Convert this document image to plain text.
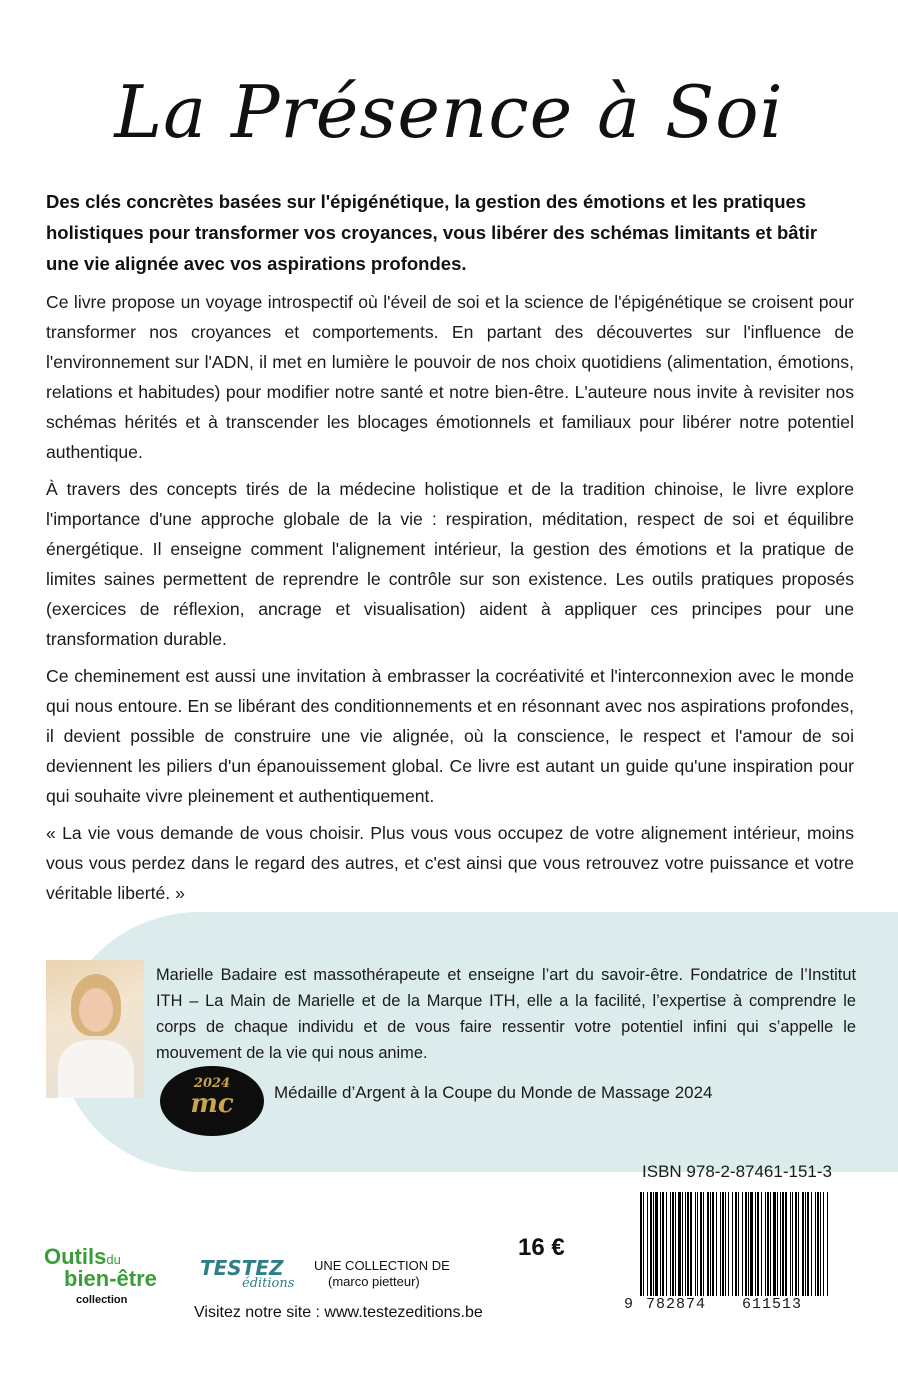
La Présence à Soi
Des clés concrètes basées sur l'épigénétique, la gestion des émotions et les pratiques holistiques pour transformer vos croyances, vous libérer des schémas limitants et bâtir une vie alignée avec vos aspirations profondes.
Ce livre propose un voyage introspectif où l'éveil de soi et la science de l'épigénétique se croisent pour transformer nos croyances et comportements. En partant des découvertes sur l'influence de l'environnement sur l'ADN, il met en lumière le pouvoir de nos choix quotidiens (alimentation, émotions, relations et habitudes) pour modifier notre santé et notre bien-être. L'auteure nous invite à revisiter nos schémas hérités et à transcender les blocages émotionnels et familiaux pour libérer notre potentiel authentique.
À travers des concepts tirés de la médecine holistique et de la tradition chinoise, le livre explore l'importance d'une approche globale de la vie : respiration, méditation, respect de soi et équilibre énergétique. Il enseigne comment l'alignement intérieur, la gestion des émotions et la pratique de limites saines permettent de reprendre le contrôle sur son existence. Les outils pratiques proposés (exercices de réflexion, ancrage et visualisation) aident à appliquer ces principes pour une transformation durable.
Ce cheminement est aussi une invitation à embrasser la cocréativité et l'interconnexion avec le monde qui nous entoure. En se libérant des conditionnements et en résonnant avec nos aspirations profondes, il devient possible de construire une vie alignée, où la conscience, le respect et l'amour de soi deviennent les piliers d'un épanouissement global. Ce livre est autant un guide qu'une inspiration pour qui souhaite vivre pleinement et authentiquement.
« La vie vous demande de vous choisir. Plus vous vous occupez de votre alignement intérieur, moins vous vous perdez dans le regard des autres, et c'est ainsi que vous retrouvez votre puissance et votre véritable liberté. »
Marielle Badaire est massothérapeute et enseigne l’art du savoir-être. Fondatrice de l’Institut ITH – La Main de Marielle et de la Marque ITH, elle a la facilité, l’expertise à comprendre le corps de chaque individu et de vous faire ressentir votre potentiel infini qui s’appelle le mouvement de la vie qui nous anime.
2024
mc	Médaille d’Argent à la Coupe du Monde de Massage 2024
ISBN 978-2-87461-151-3
9 782874 611513
16 €
Outilsdu
bien-être
collection
TESTEZ
éditions
UNE COLLECTION DE
(marco pietteur)
Visitez notre site : www.testezeditions.be
